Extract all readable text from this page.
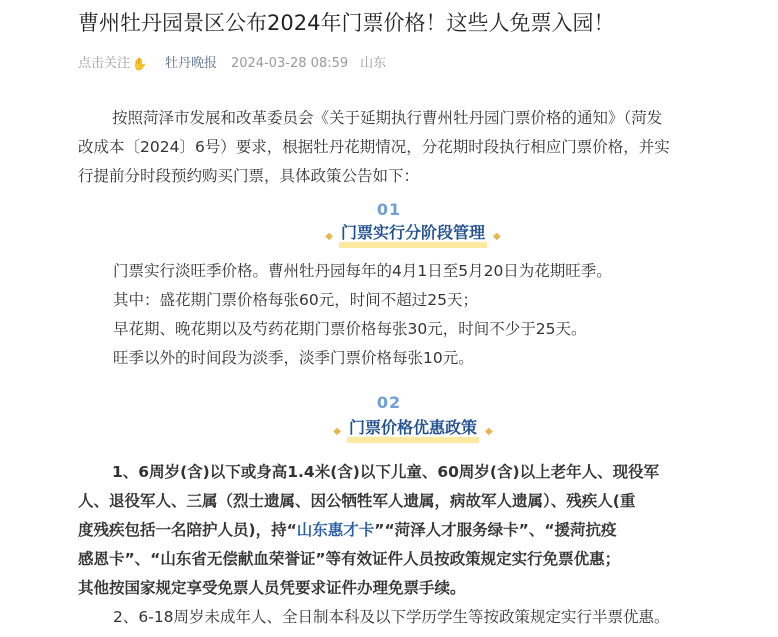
曹州牡丹园景区公布2024年门票价格！这些人免票入园！
点击关注 ✋ 牡丹晚报 2024-03-28 08:59 山东
按照菏泽市发展和改革委员会《关于延期执行曹州牡丹园门票价格的通知》（菏发
改成本〔2024〕6号）要求，根据牡丹花期情况，分花期时段执行相应门票价格，并实
行提前分时段预约购买门票，具体政策公告如下：
01
◆ 门票实行分阶段管理 ◆
门票实行淡旺季价格。曹州牡丹园每年的4月1日至5月20日为花期旺季。
其中：盛花期门票价格每张60元，时间不超过25天；
早花期、晚花期以及芍药花期门票价格每张30元，时间不少于25天。
旺季以外的时间段为淡季，淡季门票价格每张10元。
02
◆ 门票价格优惠政策 ◆
1、6周岁(含)以下或身高1.4米(含)以下儿童、60周岁(含)以上老年人、现役军
人、退役军人、三属（烈士遗属、因公牺牲军人遗属，病故军人遗属）、残疾人(重
度残疾包括一名陪护人员)，持“山东惠才卡”“菏泽人才服务绿卡”、“援菏抗疫
感恩卡”、“山东省无偿献血荣誉证”等有效证件人员按政策规定实行免票优惠；
其他按国家规定享受免票人员凭要求证件办理免票手续。
2、6-18周岁未成年人、全日制本科及以下学历学生等按政策规定实行半票优惠。
